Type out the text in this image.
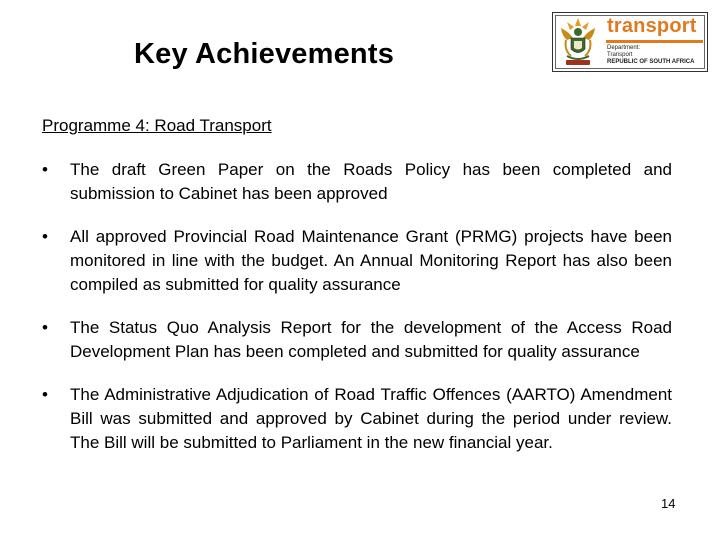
Key Achievements
transport
Department:
Transport
REPUBLIC OF SOUTH AFRICA
Programme 4: Road Transport
•	The draft Green Paper on the Roads Policy has been completed and submission to Cabinet has been approved
•	All approved Provincial Road Maintenance Grant (PRMG) projects have been monitored in line with the budget. An Annual Monitoring Report has also been compiled as submitted for quality assurance
•	The Status Quo Analysis Report for the development of the Access Road Development Plan has been completed and submitted for quality assurance
•	The Administrative Adjudication of Road Traffic Offences (AARTO) Amendment Bill was submitted and approved by Cabinet during the period under review. The Bill will be submitted to Parliament in the new financial year.
14
